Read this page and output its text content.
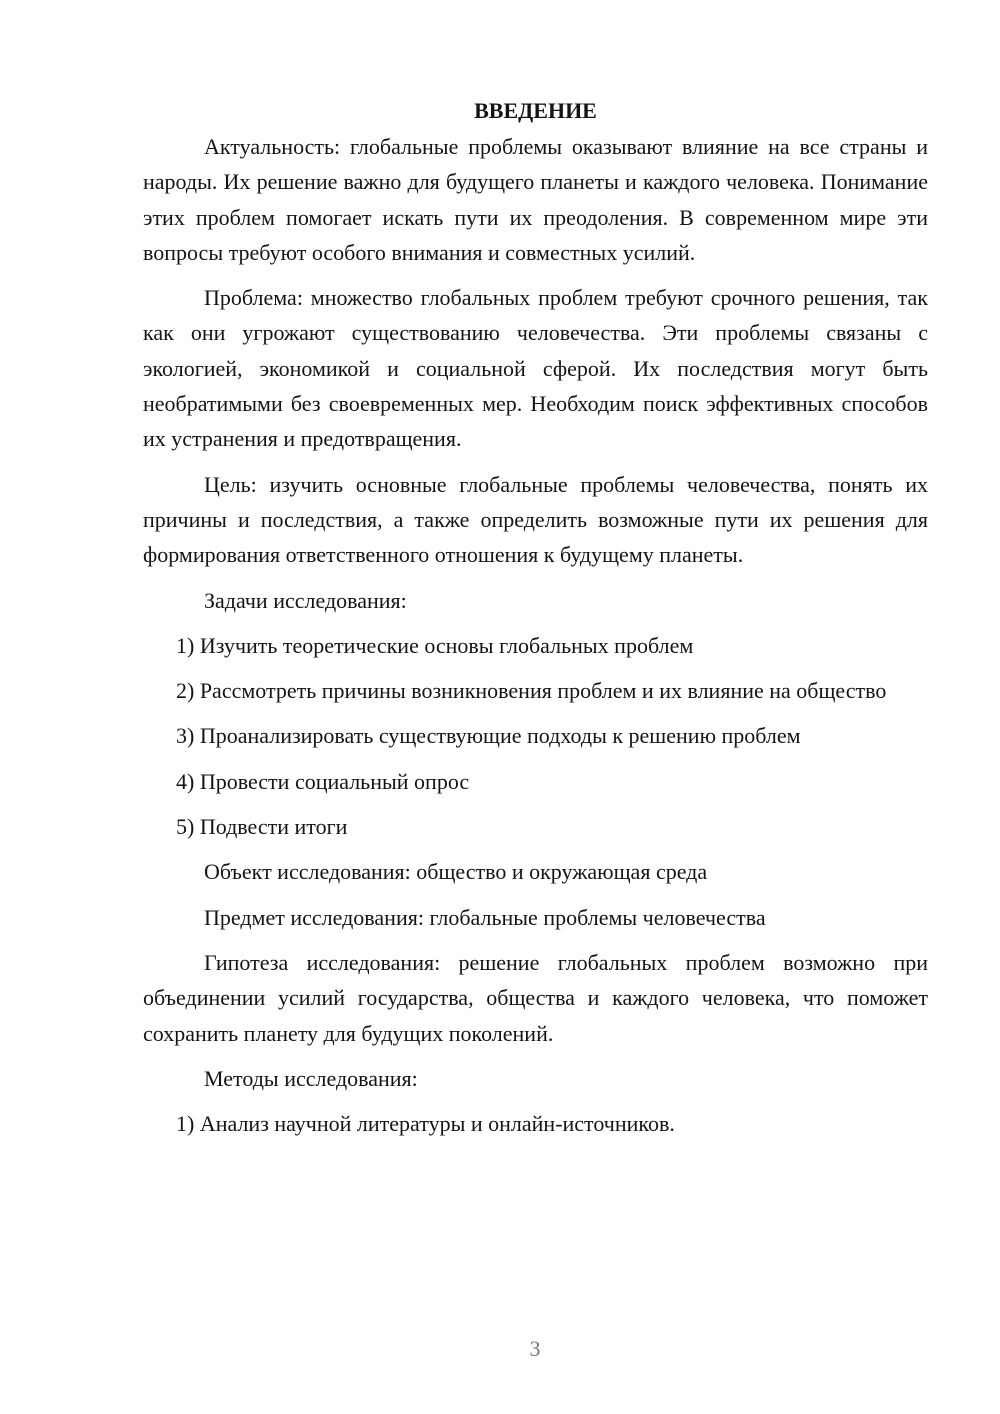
ВВЕДЕНИЕ

Актуальность: глобальные проблемы оказывают влияние на все страны и народы. Их решение важно для будущего планеты и каждого человека. Понимание этих проблем помогает искать пути их преодоления. В современном мире эти вопросы требуют особого внимания и совместных усилий.

Проблема: множество глобальных проблем требуют срочного решения, так как они угрожают существованию человечества. Эти проблемы связаны с экологией, экономикой и социальной сферой. Их последствия могут быть необратимыми без своевременных мер. Необходим поиск эффективных способов их устранения и предотвращения.

Цель: изучить основные глобальные проблемы человечества, понять их причины и последствия, а также определить возможные пути их решения для формирования ответственного отношения к будущему планеты.

Задачи исследования:
1) Изучить теоретические основы глобальных проблем

2) Рассмотреть причины возникновения проблем и их влияние на общество

3) Проанализировать существующие подходы к решению проблем
4) Провести социальный опрос
5) Подвести итоги
Объект исследования: общество и окружающая среда
Предмет исследования: глобальные проблемы человечества

Гипотеза исследования: решение глобальных проблем возможно при объединении усилий государства, общества и каждого человека, что поможет сохранить планету для будущих поколений.

Методы исследования:
1) Анализ научной литературы и онлайн-источников.
3
